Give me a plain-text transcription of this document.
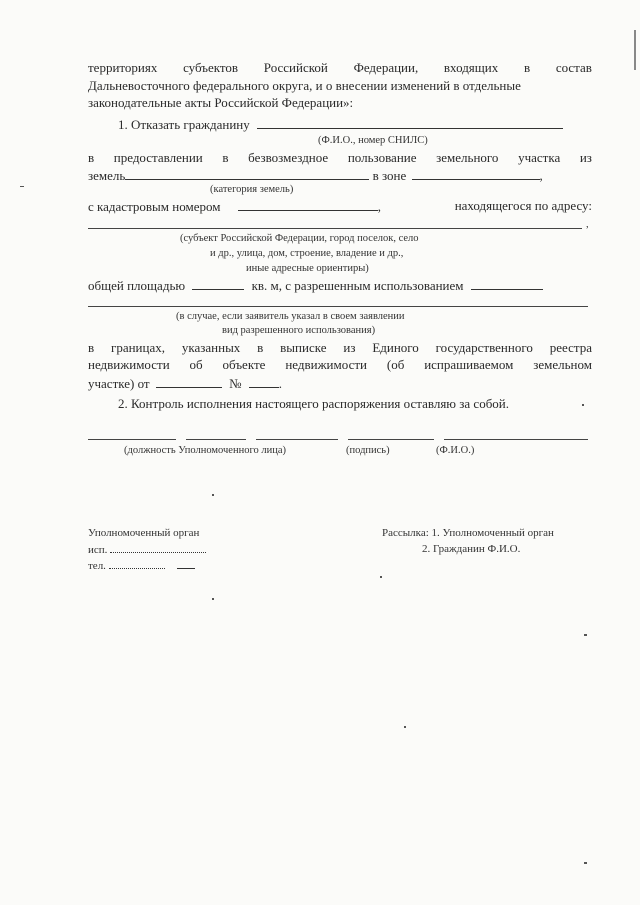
территориях субъектов Российской Федерации, входящих в состав
Дальневосточного федерального округа, и о внесении изменений в отдельные
законодательные акты Российской Федерации»:
1. Отказать гражданину
(Ф.И.О., номер СНИЛС)
в предоставлении в безвозмездное пользование земельного участка из
земель	в зоне	,
(категория земель)
с кадастровым номером	,	находящегося по адресу:
,
(субъект Российской Федерации, город поселок, село
и др., улица, дом, строение, владение и др.,
иные адресные ориентиры)
общей площадью	кв. м, с разрешенным использованием
(в случае, если заявитель указал в своем заявлении
вид разрешенного использования)
в границах, указанных в выписке из Единого государственного реестра
недвижимости об объекте недвижимости (об испрашиваемом земельном
участке) от	№	.
2. Контроль исполнения настоящего распоряжения оставляю за собой.
(должность Уполномоченного лица)	(подпись)	(Ф.И.О.)
Уполномоченный орган
исп.
тел.
Рассылка: 1. Уполномоченный орган
2. Гражданин Ф.И.О.
